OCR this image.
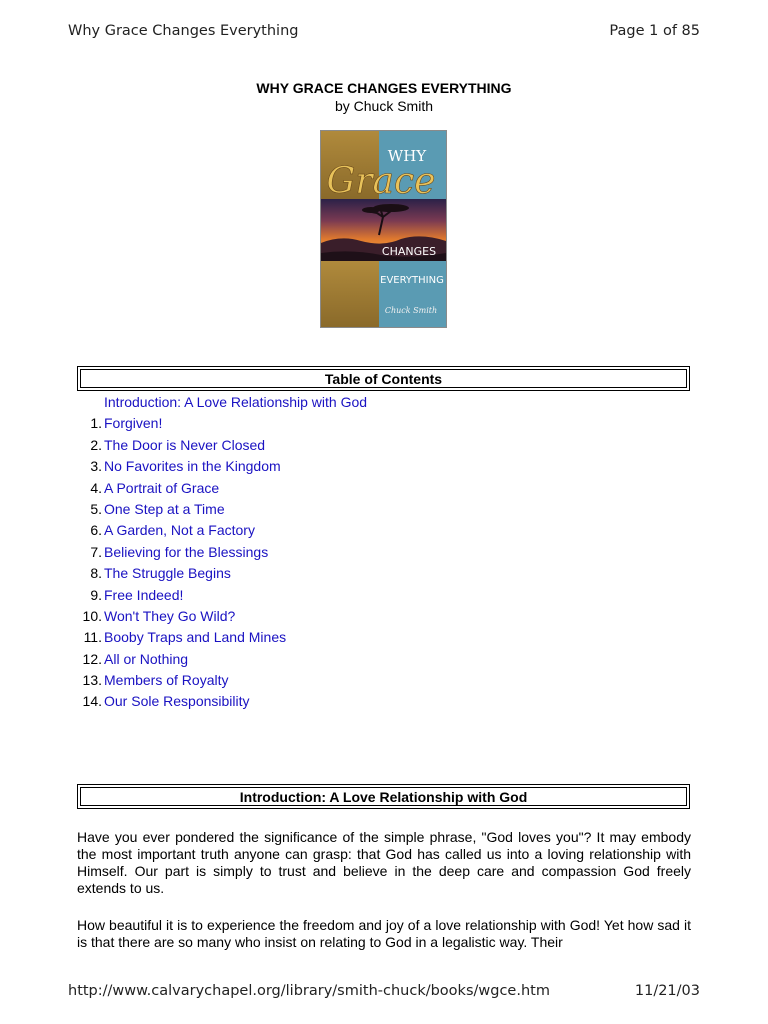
Why Grace Changes Everything	Page 1 of 85
WHY GRACE CHANGES EVERYTHING
by Chuck Smith
WHY
Grace
CHANGES
EVERYTHING
Chuck Smith
Table of Contents
Introduction: A Love Relationship with God
1. Forgiven!
2. The Door is Never Closed
3. No Favorites in the Kingdom
4. A Portrait of Grace
5. One Step at a Time
6. A Garden, Not a Factory
7. Believing for the Blessings
8. The Struggle Begins
9. Free Indeed!
10. Won't They Go Wild?
11. Booby Traps and Land Mines
12. All or Nothing
13. Members of Royalty
14. Our Sole Responsibility
Introduction: A Love Relationship with God

Have you ever pondered the significance of the simple phrase, "God loves you"? It may embody the most important truth anyone can grasp: that God has called us into a loving relationship with Himself. Our part is simply to trust and believe in the deep care and compassion God freely extends to us.

How beautiful it is to experience the freedom and joy of a love relationship with God! Yet how sad it is that there are so many who insist on relating to God in a legalistic way. Their

http://www.calvarychapel.org/library/smith-chuck/books/wgce.htm	11/21/03
